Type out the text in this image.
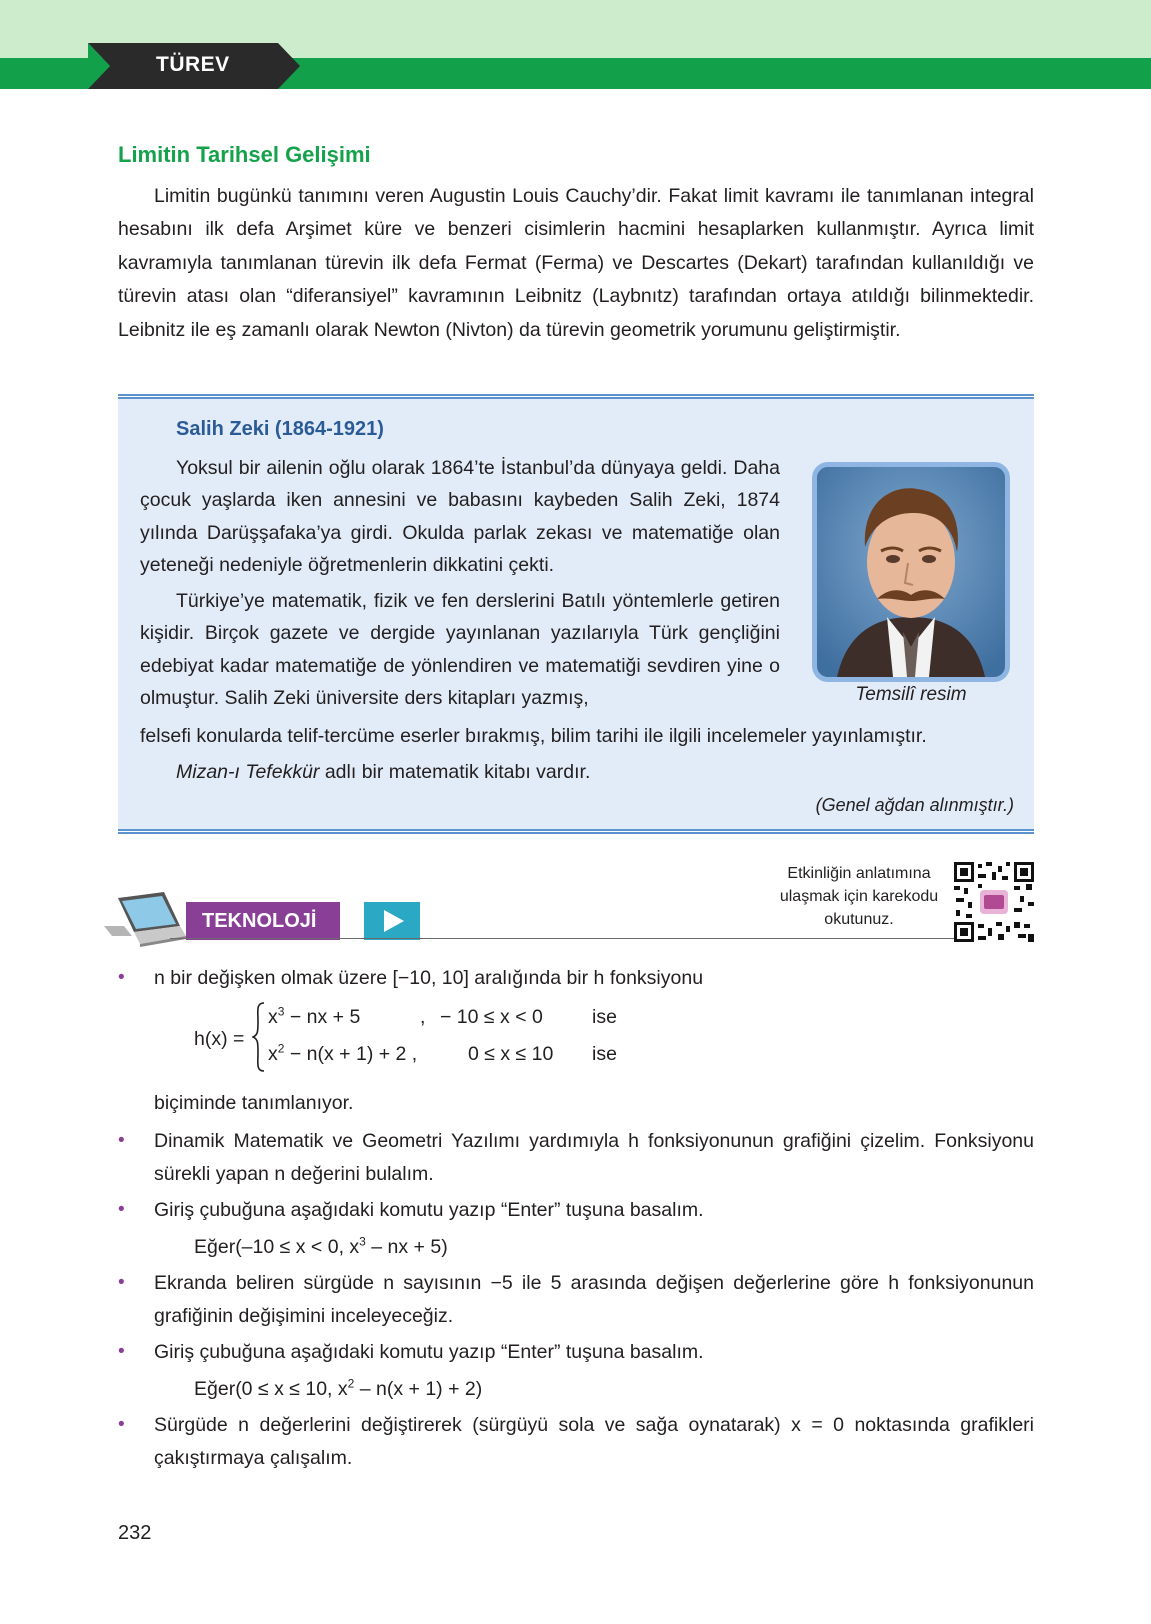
TÜREV
Limitin Tarihsel Gelişimi

Limitin bugünkü tanımını veren Augustin Louis Cauchy’dir. Fakat limit kavramı ile tanımlanan integral hesabını ilk defa Arşimet küre ve benzeri cisimlerin hacmini hesaplarken kullanmıştır. Ayrıca limit kavramıyla tanımlanan türevin ilk defa Fermat (Ferma) ve Descartes (Dekart) tarafından kullanıldığı ve türevin atası olan “diferansiyel” kavramının Leibnitz (Laybnıtz) tarafından ortaya atıldığı bilinmektedir. Leibnitz ile eş zamanlı olarak Newton (Nivton) da türevin geometrik yorumunu geliştirmiştir.

Salih Zeki (1864-1921)

Yoksul bir ailenin oğlu olarak 1864’te İstanbul’da dünyaya geldi. Daha çocuk yaşlarda iken annesini ve babasını kaybeden Salih Zeki, 1874 yılında Darüşşafaka’ya girdi. Okulda parlak zekası ve matematiğe olan yeteneği nedeniyle öğretmenlerin dikkatini çekti.

Türkiye’ye matematik, fizik ve fen derslerini Batılı yöntemlerle getiren kişidir. Birçok gazete ve dergide yayınlanan yazılarıyla Türk gençliğini edebiyat kadar matematiğe de yönlendiren ve matematiği sevdiren yine o olmuştur. Salih Zeki üniversite ders kitapları yazmış,

felsefi konularda telif-tercüme eserler bırakmış, bilim tarihi ile ilgili incelemeler yayınlamıştır.
Mizan-ı Tefekkür adlı bir matematik kitabı vardır.
Temsilî resim
(Genel ağdan alınmıştır.)
TEKNOLOJİ
Etkinliğin anlatımına ulaşmak için karekodu okutunuz.
• n bir değişken olmak üzere [−10, 10] aralığında bir h fonksiyonu
h(x) =
$x^3$ − nx + 5	, − 10 ≤ x < 0	ise
$x^2 - n(x + 1) + 2$ ,	0 ≤ x ≤ 10 ise
biçiminde tanımlanıyor.
• Dinamik Matematik ve Geometri Yazılımı yardımıyla h fonksiyonunun grafiğini çizelim. Fonksiyonu sürekli yapan n değerini bulalım.
• Giriş çubuğuna aşağıdaki komutu yazıp “Enter” tuşuna basalım.
Eğer(–10 ≤ x < 0, $x^3$ – nx + 5)
• Ekranda beliren sürgüde n sayısının −5 ile 5 arasında değişen değerlerine göre h fonksiyonunun grafiğinin değişimini inceleyeceğiz.
• Giriş çubuğuna aşağıdaki komutu yazıp “Enter” tuşuna basalım.
Eğer(0 ≤ x ≤ 10, $x^2 - n(x + 1) + 2$)
• Sürgüde n değerlerini değiştirerek (sürgüyü sola ve sağa oynatarak) x = 0 noktasında grafikleri çakıştırmaya çalışalım.
232
